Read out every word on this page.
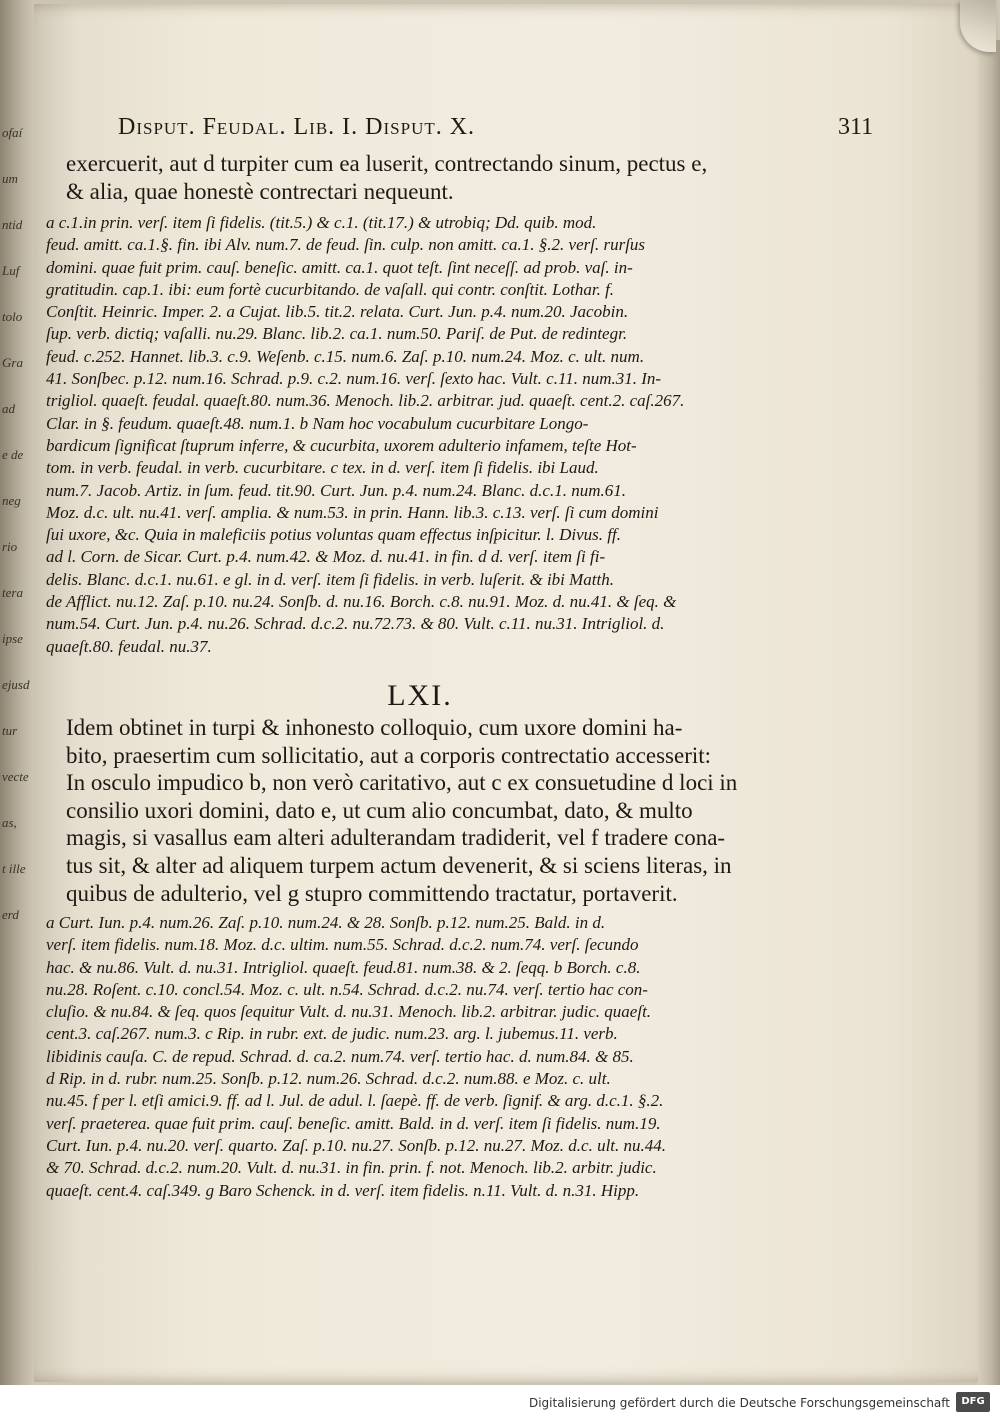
ofaí
um
ntid
Luf
tolo
Gra
ad
e de
neg
rio
tera
ipse
ejusd
tur
vecte
as,
t ille
erd
Disput. Feudal. Lib. I. Disput. X.	311
exercuerit, aut d turpiter cum ea luserit, contrectando sinum, pectus e,
& alia, quae honestè contrectari nequeunt.
a c.1.in prin. verſ. item ſi fidelis. (tit.5.) & c.1. (tit.17.) & utrobiq; Dd. quib. mod.
feud. amitt. ca.1.§. fin. ibi Alv. num.7. de feud. ſin. culp. non amitt. ca.1. §.2. verſ. rurſus
domini. quae fuit prim. cauſ. beneſic. amitt. ca.1. quot teſt. ſint neceſſ. ad prob. vaſ. in-
gratitudin. cap.1. ibi: eum fortè cucurbitando. de vaſall. qui contr. conſtit. Lothar. f.
Conſtit. Heinric. Imper. 2. a Cujat. lib.5. tit.2. relata. Curt. Jun. p.4. num.20. Jacobin.
ſup. verb. dictiq; vaſalli. nu.29. Blanc. lib.2. ca.1. num.50. Pariſ. de Put. de redintegr.
feud. c.252. Hannet. lib.3. c.9. Weſenb. c.15. num.6. Zaſ. p.10. num.24. Moz. c. ult. num.
41. Sonſbec. p.12. num.16. Schrad. p.9. c.2. num.16. verſ. ſexto hac. Vult. c.11. num.31. In-
trigliol. quaeſt. feudal. quaeſt.80. num.36. Menoch. lib.2. arbitrar. jud. quaeſt. cent.2. caſ.267.
Clar. in §. feudum. quaeſt.48. num.1. b Nam hoc vocabulum cucurbitare Longo-
bardicum ſignificat ſtuprum inferre, & cucurbita, uxorem adulterio infamem, teſte Hot-
tom. in verb. feudal. in verb. cucurbitare. c tex. in d. verſ. item ſi fidelis. ibi Laud.
num.7. Jacob. Artiz. in ſum. feud. tit.90. Curt. Jun. p.4. num.24. Blanc. d.c.1. num.61.
Moz. d.c. ult. nu.41. verſ. amplia. & num.53. in prin. Hann. lib.3. c.13. verſ. ſi cum domini
ſui uxore, &c. Quia in maleficiis potius voluntas quam effectus inſpicitur. l. Divus. ff.
ad l. Corn. de Sicar. Curt. p.4. num.42. & Moz. d. nu.41. in fin. d d. verſ. item ſi fi-
delis. Blanc. d.c.1. nu.61. e gl. in d. verſ. item ſi fidelis. in verb. luſerit. & ibi Matth.
de Afflict. nu.12. Zaſ. p.10. nu.24. Sonſb. d. nu.16. Borch. c.8. nu.91. Moz. d. nu.41. & ſeq. &
num.54. Curt. Jun. p.4. nu.26. Schrad. d.c.2. nu.72.73. & 80. Vult. c.11. nu.31. Intrigliol. d.
quaeſt.80. feudal. nu.37.
LXI.
Idem obtinet in turpi & inhonesto colloquio, cum uxore domini ha-
bito, praesertim cum sollicitatio, aut a corporis contrectatio accesserit:
In osculo impudico b, non verò caritativo, aut c ex consuetudine d loci in
consilio uxori domini, dato e, ut cum alio concumbat, dato, & multo
magis, si vasallus eam alteri adulterandam tradiderit, vel f tradere cona-
tus sit, & alter ad aliquem turpem actum devenerit, & si sciens literas, in
quibus de adulterio, vel g stupro committendo tractatur, portaverit.
a Curt. Iun. p.4. num.26. Zaſ. p.10. num.24. & 28. Sonſb. p.12. num.25. Bald. in d.
verſ. item fidelis. num.18. Moz. d.c. ultim. num.55. Schrad. d.c.2. num.74. verſ. ſecundo
hac. & nu.86. Vult. d. nu.31. Intrigliol. quaeſt. feud.81. num.38. & 2. ſeqq. b Borch. c.8.
nu.28. Roſent. c.10. concl.54. Moz. c. ult. n.54. Schrad. d.c.2. nu.74. verſ. tertio hac con-
cluſio. & nu.84. & ſeq. quos ſequitur Vult. d. nu.31. Menoch. lib.2. arbitrar. judic. quaeſt.
cent.3. caſ.267. num.3. c Rip. in rubr. ext. de judic. num.23. arg. l. jubemus.11. verb.
libidinis cauſa. C. de repud. Schrad. d. ca.2. num.74. verſ. tertio hac. d. num.84. & 85.
d Rip. in d. rubr. num.25. Sonſb. p.12. num.26. Schrad. d.c.2. num.88. e Moz. c. ult.
nu.45. f per l. etſi amici.9. ff. ad l. Jul. de adul. l. ſaepè. ff. de verb. ſignif. & arg. d.c.1. §.2.
verſ. praeterea. quae fuit prim. cauſ. beneſic. amitt. Bald. in d. verſ. item ſi fidelis. num.19.
Curt. Iun. p.4. nu.20. verſ. quarto. Zaſ. p.10. nu.27. Sonſb. p.12. nu.27. Moz. d.c. ult. nu.44.
& 70. Schrad. d.c.2. num.20. Vult. d. nu.31. in fin. prin. f. not. Menoch. lib.2. arbitr. judic.
quaeſt. cent.4. caſ.349. g Baro Schenck. in d. verſ. item fidelis. n.11. Vult. d. n.31. Hipp.
Digitalisierung gefördert durch die Deutsche Forschungsgemeinschaft	DFG
